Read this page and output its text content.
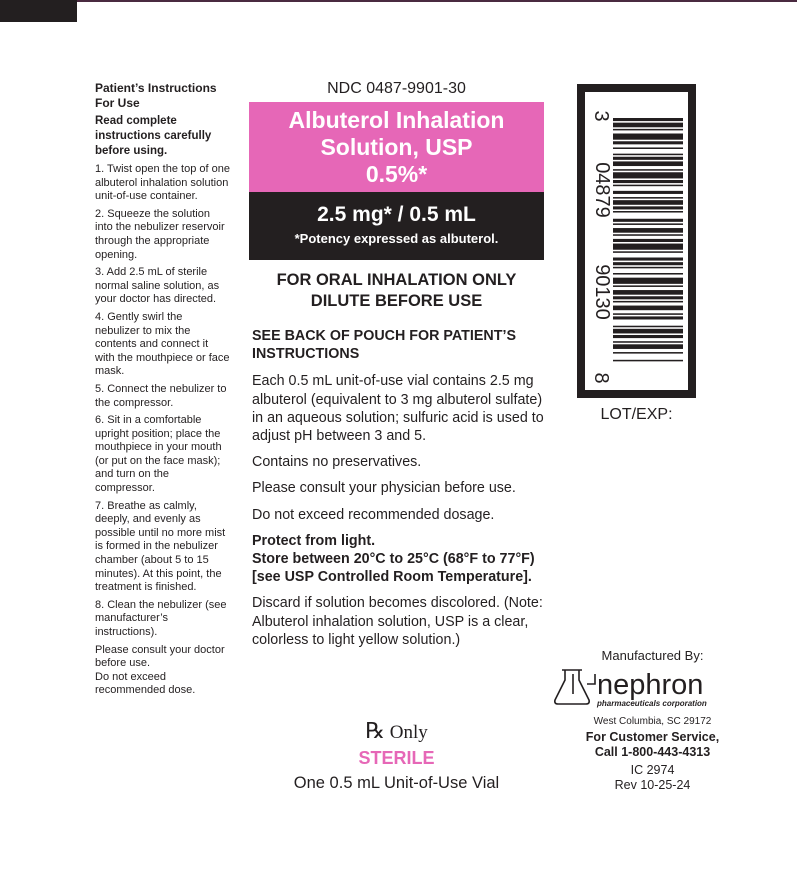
Patient’s Instructions For Use
Read complete instructions carefully before using.
1. Twist open the top of one albuterol inhalation solution unit-of-use container.
2. Squeeze the solution into the nebulizer reservoir through the appropriate opening.
3. Add 2.5 mL of sterile normal saline solution, as your doctor has directed.
4. Gently swirl the nebulizer to mix the contents and connect it with the mouthpiece or face mask.
5. Connect the nebulizer to the compressor.
6. Sit in a comfortable upright position; place the mouthpiece in your mouth (or put on the face mask); and turn on the compressor.
7. Breathe as calmly, deeply, and evenly as possible until no more mist is formed in the nebulizer chamber (about 5 to 15 minutes). At this point, the treatment is finished.
8. Clean the nebulizer (see manufacturer’s instructions).
Please consult your doctor before use.
Do not exceed recommended dose.
NDC 0487-9901-30
Albuterol Inhalation
Solution, USP
0.5%*
2.5 mg* / 0.5 mL
*Potency expressed as albuterol.
FOR ORAL INHALATION ONLY
DILUTE BEFORE USE

SEE BACK OF POUCH FOR PATIENT’S INSTRUCTIONS

Each 0.5 mL unit-of-use vial contains 2.5 mg albuterol (equivalent to 3 mg albuterol sulfate) in an aqueous solution; sulfuric acid is used to adjust pH between 3 and 5.

Contains no preservatives.

Please consult your physician before use.

Do not exceed recommended dosage.

Protect from light.
Store between 20°C to 25°C (68°F to 77°F) [see USP Controlled Room Temperature].

Discard if solution becomes discolored. (Note: Albuterol inhalation solution, USP is a clear, colorless to light yellow solution.)

℞ Only
STERILE
One 0.5 mL Unit-of-Use Vial
3
04879
90130
8
LOT/EXP:
Manufactured By:
nephron
pharmaceuticals corporation
West Columbia, SC 29172
For Customer Service,
Call 1-800-443-4313
IC 2974
Rev 10-25-24
